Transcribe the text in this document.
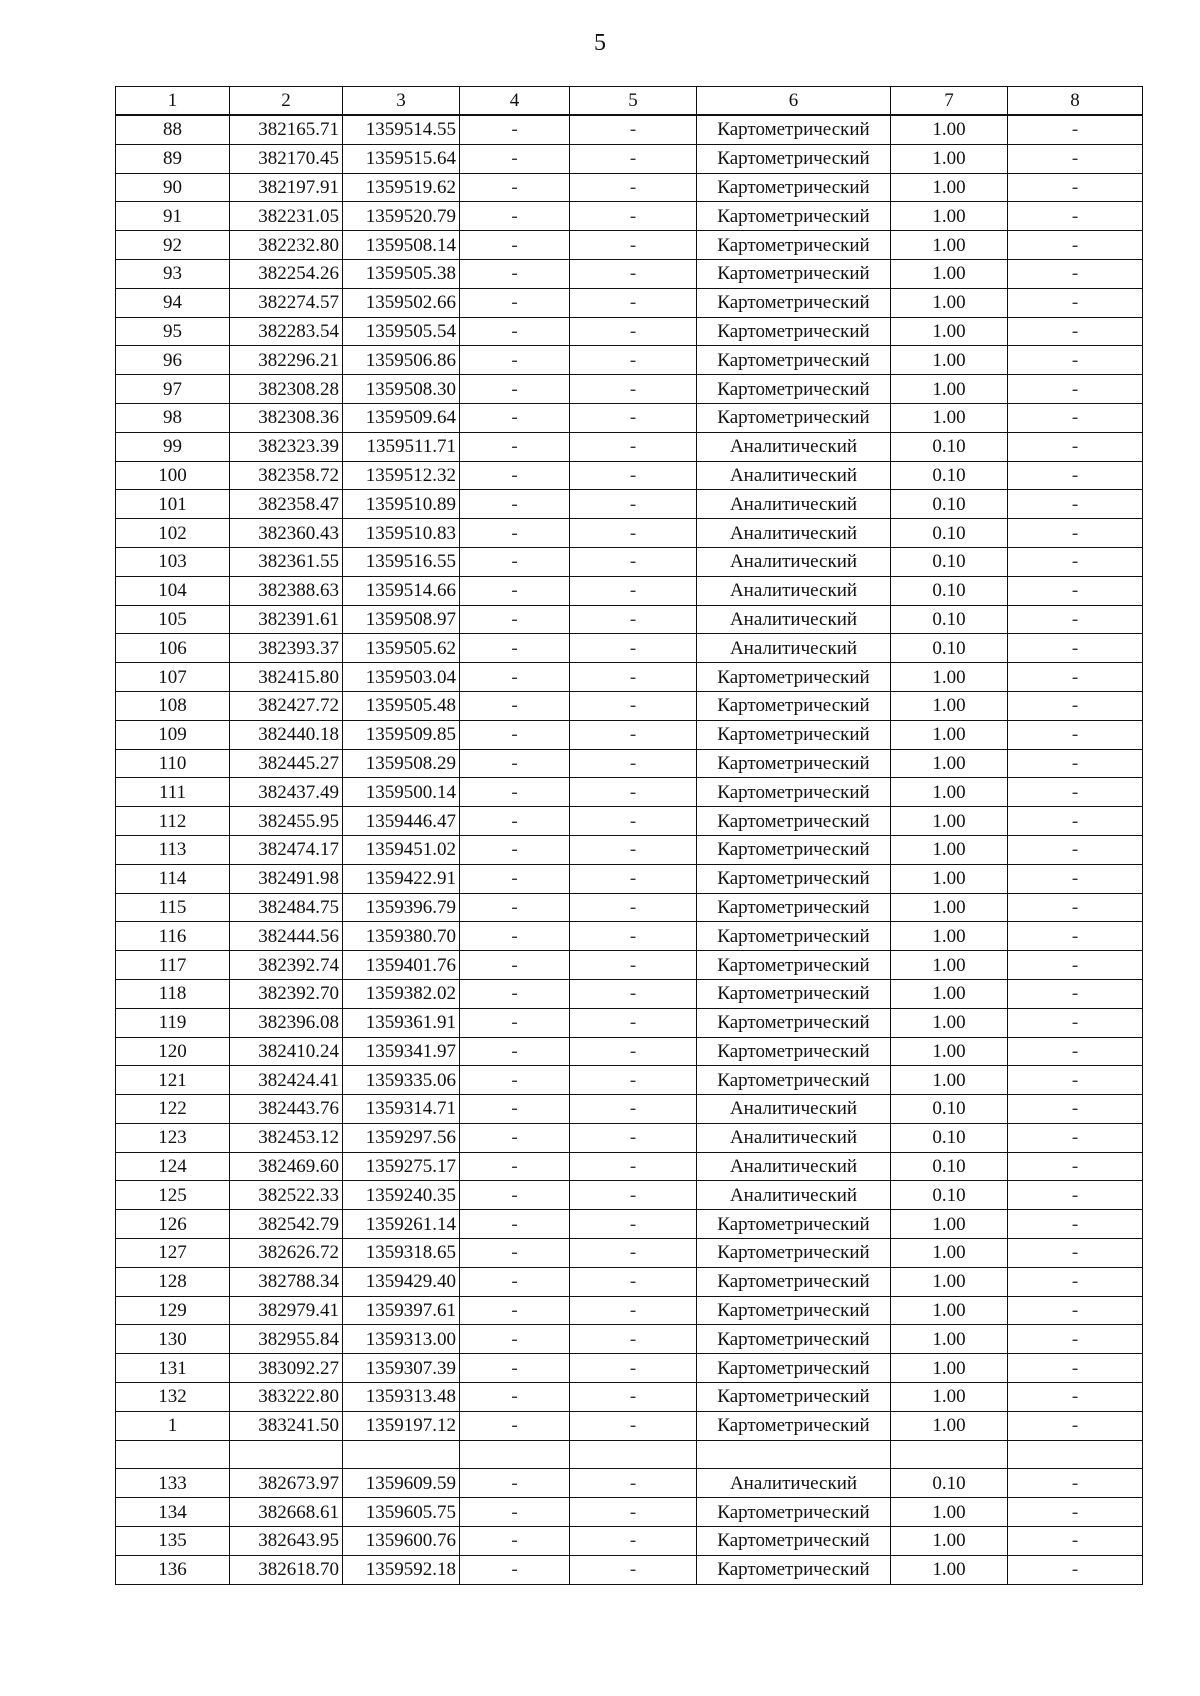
5
1	2	3	4	5	6	7	8
88	382165.71	1359514.55	-	-	Картометрический	1.00	-
89	382170.45	1359515.64	-	-	Картометрический	1.00	-
90	382197.91	1359519.62	-	-	Картометрический	1.00	-
91	382231.05	1359520.79	-	-	Картометрический	1.00	-
92	382232.80	1359508.14	-	-	Картометрический	1.00	-
93	382254.26	1359505.38	-	-	Картометрический	1.00	-
94	382274.57	1359502.66	-	-	Картометрический	1.00	-
95	382283.54	1359505.54	-	-	Картометрический	1.00	-
96	382296.21	1359506.86	-	-	Картометрический	1.00	-
97	382308.28	1359508.30	-	-	Картометрический	1.00	-
98	382308.36	1359509.64	-	-	Картометрический	1.00	-
99	382323.39	1359511.71	-	-	Аналитический	0.10	-
100	382358.72	1359512.32	-	-	Аналитический	0.10	-
101	382358.47	1359510.89	-	-	Аналитический	0.10	-
102	382360.43	1359510.83	-	-	Аналитический	0.10	-
103	382361.55	1359516.55	-	-	Аналитический	0.10	-
104	382388.63	1359514.66	-	-	Аналитический	0.10	-
105	382391.61	1359508.97	-	-	Аналитический	0.10	-
106	382393.37	1359505.62	-	-	Аналитический	0.10	-
107	382415.80	1359503.04	-	-	Картометрический	1.00	-
108	382427.72	1359505.48	-	-	Картометрический	1.00	-
109	382440.18	1359509.85	-	-	Картометрический	1.00	-
110	382445.27	1359508.29	-	-	Картометрический	1.00	-
111	382437.49	1359500.14	-	-	Картометрический	1.00	-
112	382455.95	1359446.47	-	-	Картометрический	1.00	-
113	382474.17	1359451.02	-	-	Картометрический	1.00	-
114	382491.98	1359422.91	-	-	Картометрический	1.00	-
115	382484.75	1359396.79	-	-	Картометрический	1.00	-
116	382444.56	1359380.70	-	-	Картометрический	1.00	-
117	382392.74	1359401.76	-	-	Картометрический	1.00	-
118	382392.70	1359382.02	-	-	Картометрический	1.00	-
119	382396.08	1359361.91	-	-	Картометрический	1.00	-
120	382410.24	1359341.97	-	-	Картометрический	1.00	-
121	382424.41	1359335.06	-	-	Картометрический	1.00	-
122	382443.76	1359314.71	-	-	Аналитический	0.10	-
123	382453.12	1359297.56	-	-	Аналитический	0.10	-
124	382469.60	1359275.17	-	-	Аналитический	0.10	-
125	382522.33	1359240.35	-	-	Аналитический	0.10	-
126	382542.79	1359261.14	-	-	Картометрический	1.00	-
127	382626.72	1359318.65	-	-	Картометрический	1.00	-
128	382788.34	1359429.40	-	-	Картометрический	1.00	-
129	382979.41	1359397.61	-	-	Картометрический	1.00	-
130	382955.84	1359313.00	-	-	Картометрический	1.00	-
131	383092.27	1359307.39	-	-	Картометрический	1.00	-
132	383222.80	1359313.48	-	-	Картометрический	1.00	-
1	383241.50	1359197.12	-	-	Картометрический	1.00	-

133	382673.97	1359609.59	-	-	Аналитический	0.10	-
134	382668.61	1359605.75	-	-	Картометрический	1.00	-
135	382643.95	1359600.76	-	-	Картометрический	1.00	-
136	382618.70	1359592.18	-	-	Картометрический	1.00	-
